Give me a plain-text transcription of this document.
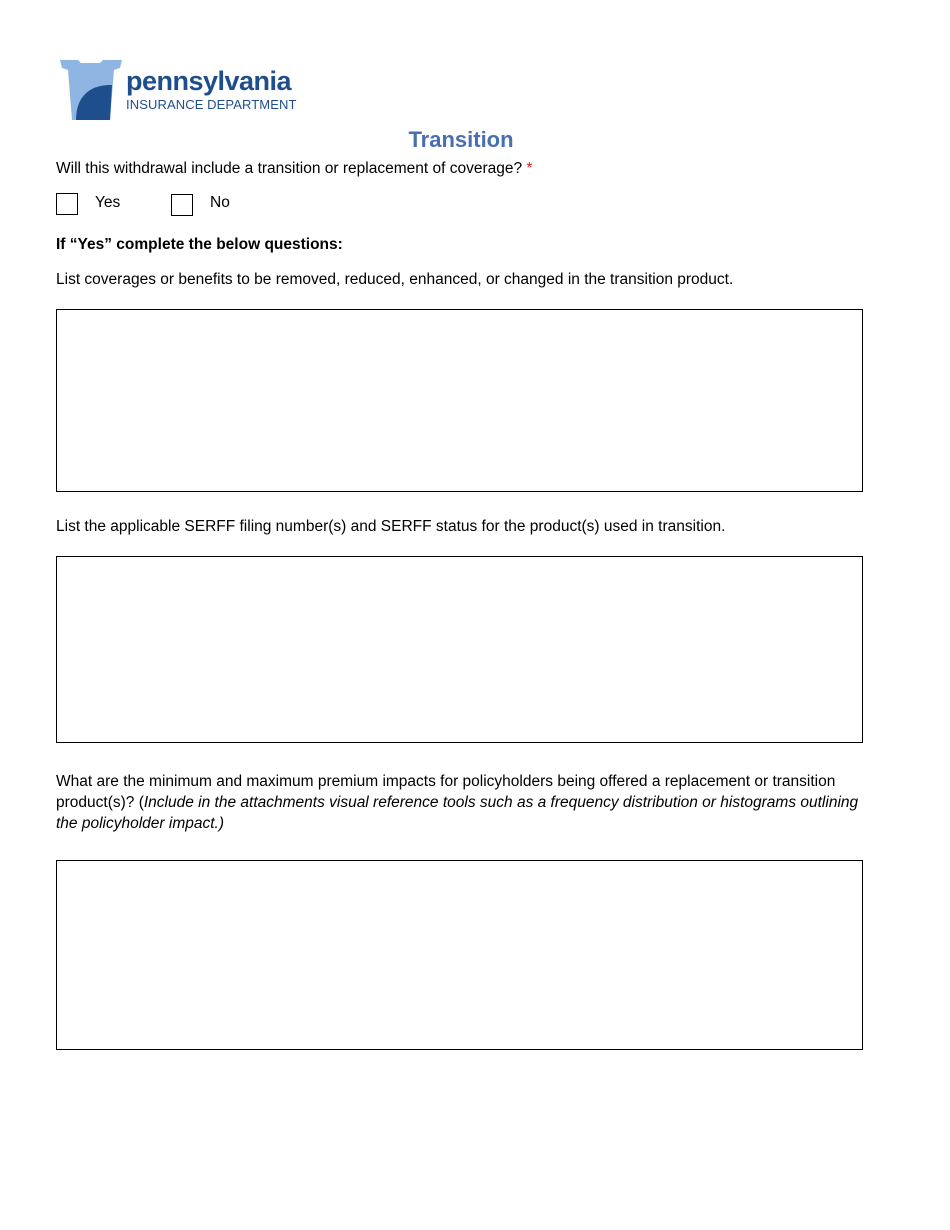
pennsylvania
INSURANCE DEPARTMENT
Transition
Will this withdrawal include a transition or replacement of coverage? *
Yes	No
If “Yes” complete the below questions:
List coverages or benefits to be removed, reduced, enhanced, or changed in the transition product.
List the applicable SERFF filing number(s) and SERFF status for the product(s) used in transition.
What are the minimum and maximum premium impacts for policyholders being offered a replacement or transition product(s)? (Include in the attachments visual reference tools such as a frequency distribution or histograms outlining the policyholder impact.)
